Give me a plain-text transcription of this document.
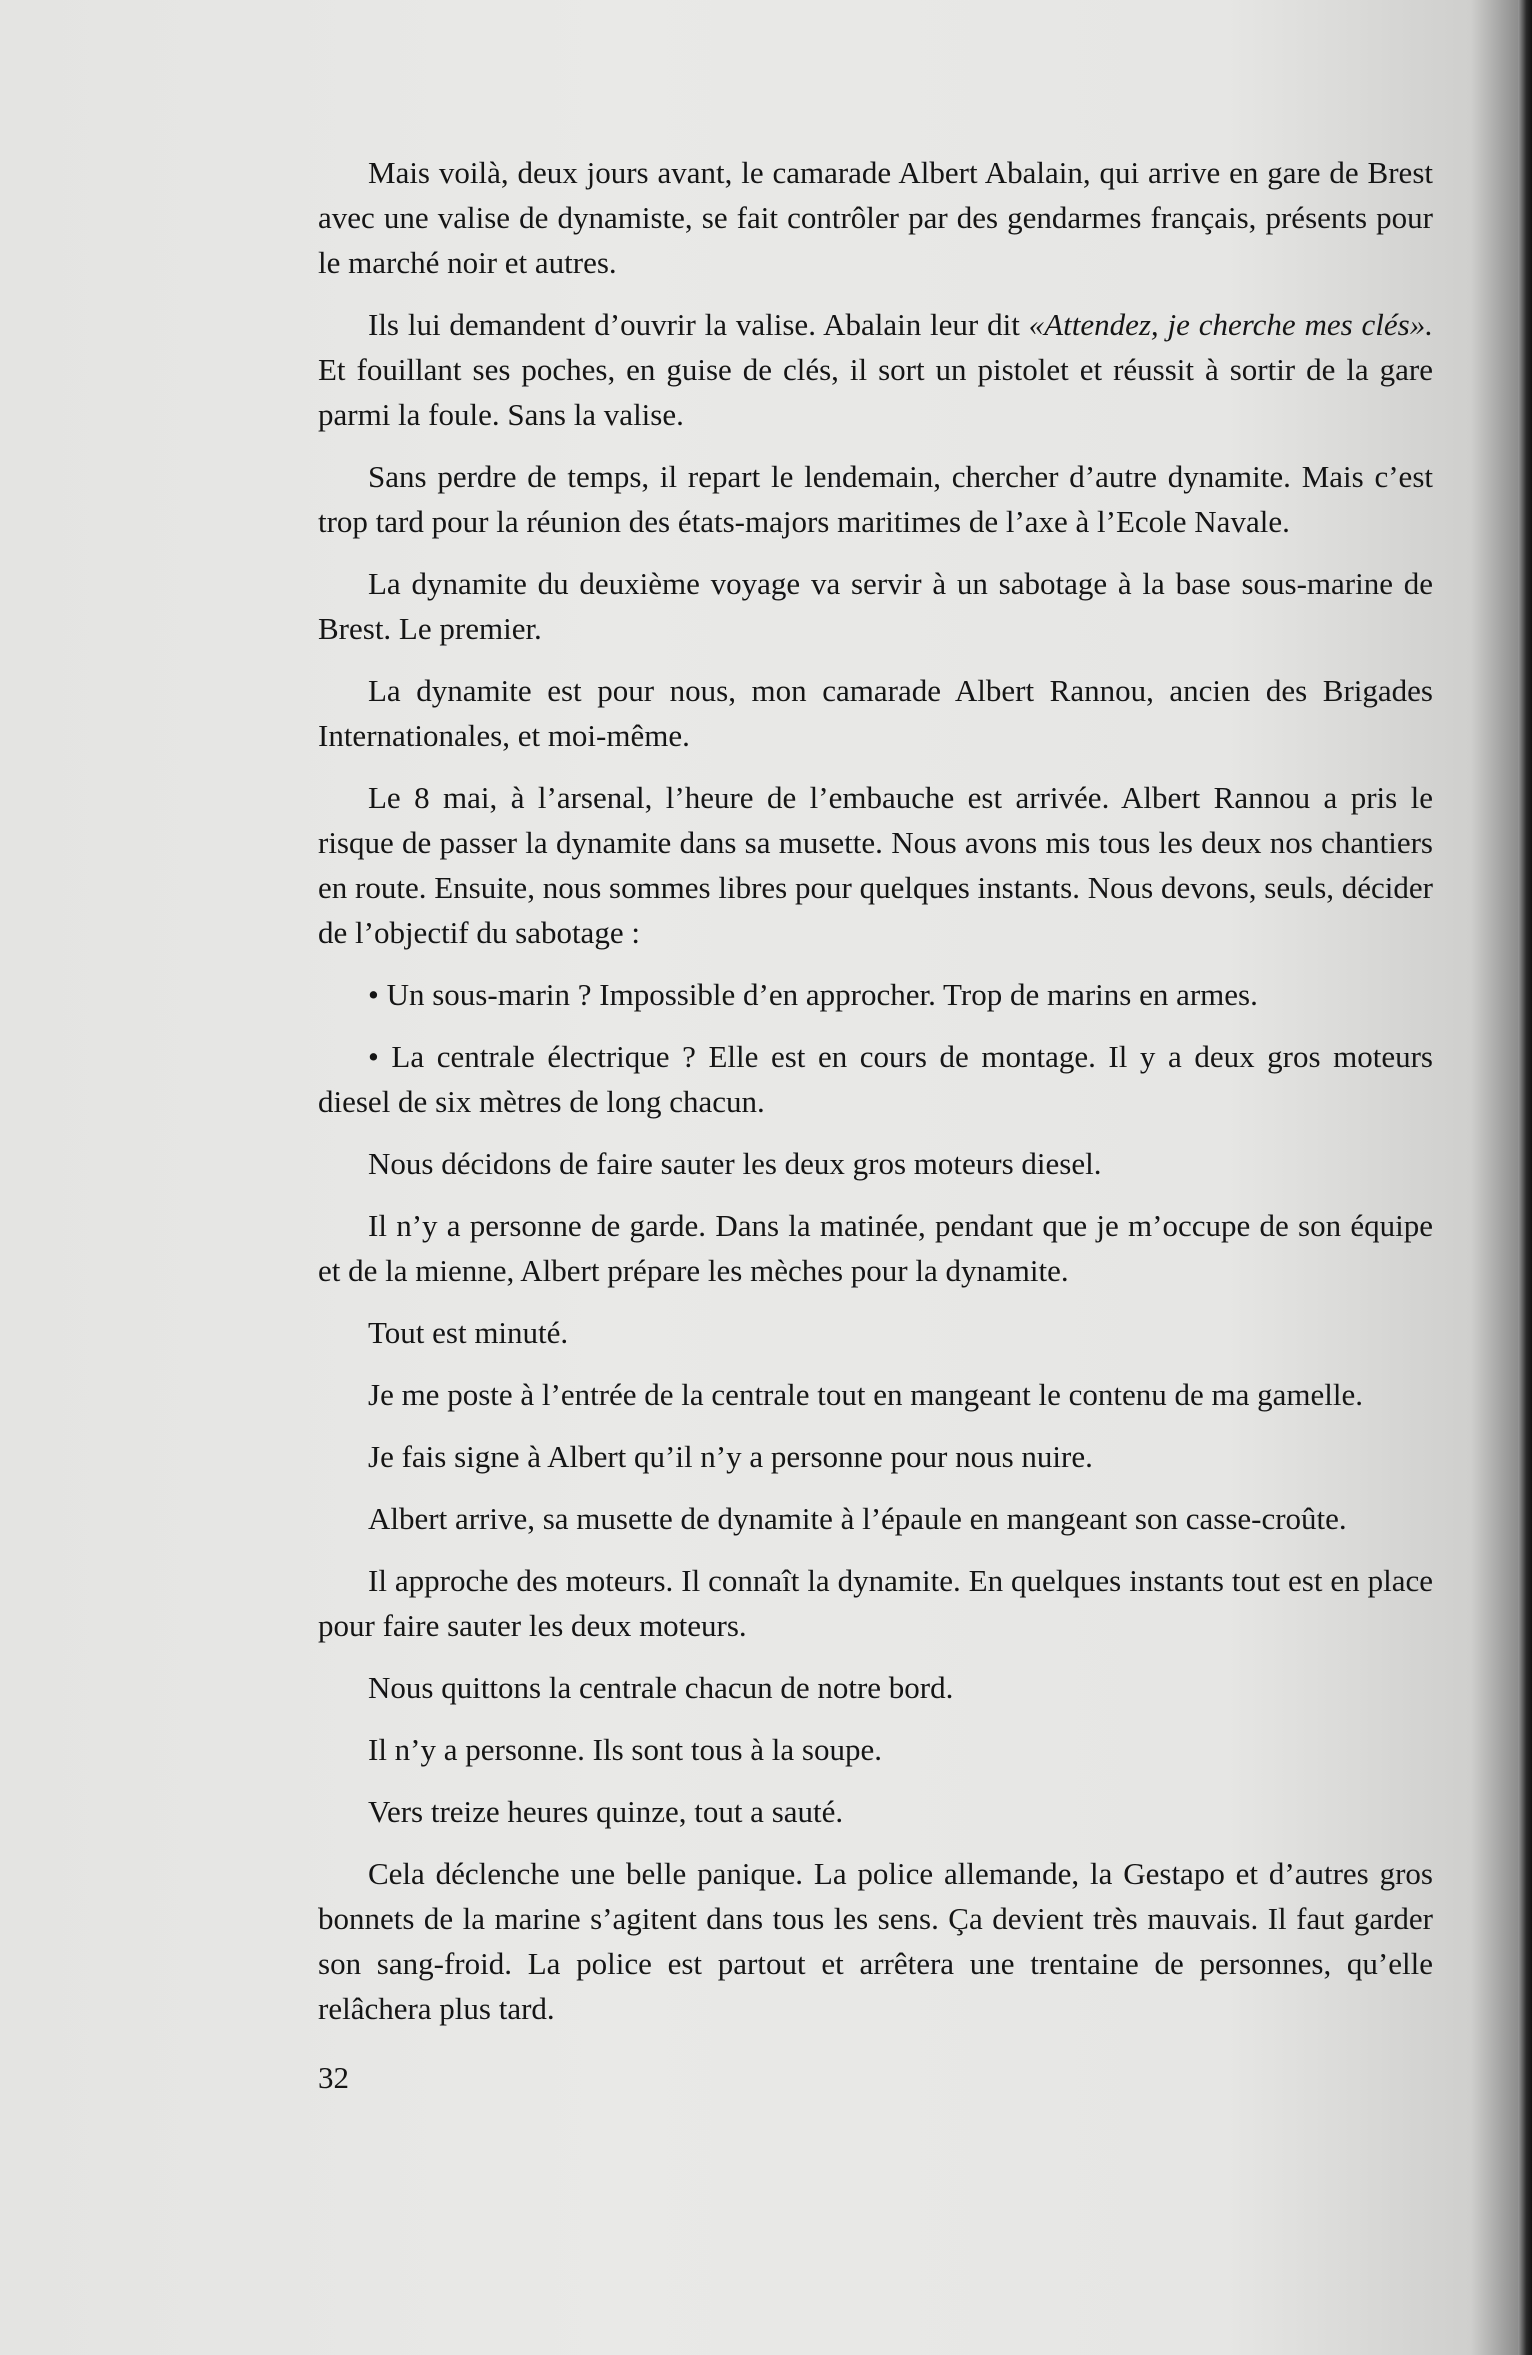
Mais voilà, deux jours avant, le camarade Albert Abalain, qui arrive en gare de Brest avec une valise de dynamiste, se fait contrôler par des gendarmes français, présents pour le marché noir et autres.

Ils lui demandent d’ouvrir la valise. Abalain leur dit «Attendez, je cherche mes clés». Et fouillant ses poches, en guise de clés, il sort un pistolet et réussit à sortir de la gare parmi la foule. Sans la valise.

Sans perdre de temps, il repart le lendemain, chercher d’autre dynamite. Mais c’est trop tard pour la réunion des états-majors maritimes de l’axe à l’Ecole Navale.

La dynamite du deuxième voyage va servir à un sabotage à la base sous-marine de Brest. Le premier.

La dynamite est pour nous, mon camarade Albert Rannou, ancien des Brigades Internationales, et moi-même.

Le 8 mai, à l’arsenal, l’heure de l’embauche est arrivée. Albert Rannou a pris le risque de passer la dynamite dans sa musette. Nous avons mis tous les deux nos chantiers en route. Ensuite, nous sommes libres pour quelques instants. Nous devons, seuls, décider de l’objectif du sabotage :

• Un sous-marin ? Impossible d’en approcher. Trop de marins en armes.

• La centrale électrique ? Elle est en cours de montage. Il y a deux gros moteurs diesel de six mètres de long chacun.

Nous décidons de faire sauter les deux gros moteurs diesel.

Il n’y a personne de garde. Dans la matinée, pendant que je m’occupe de son équipe et de la mienne, Albert prépare les mèches pour la dynamite.

Tout est minuté.

Je me poste à l’entrée de la centrale tout en mangeant le contenu de ma gamelle.

Je fais signe à Albert qu’il n’y a personne pour nous nuire.

Albert arrive, sa musette de dynamite à l’épaule en mangeant son casse-croûte.

Il approche des moteurs. Il connaît la dynamite. En quelques instants tout est en place pour faire sauter les deux moteurs.

Nous quittons la centrale chacun de notre bord.

Il n’y a personne. Ils sont tous à la soupe.

Vers treize heures quinze, tout a sauté.

Cela déclenche une belle panique. La police allemande, la Gestapo et d’autres gros bonnets de la marine s’agitent dans tous les sens. Ça devient très mauvais. Il faut garder son sang-froid. La police est partout et arrêtera une trentaine de personnes, qu’elle relâchera plus tard.

32
